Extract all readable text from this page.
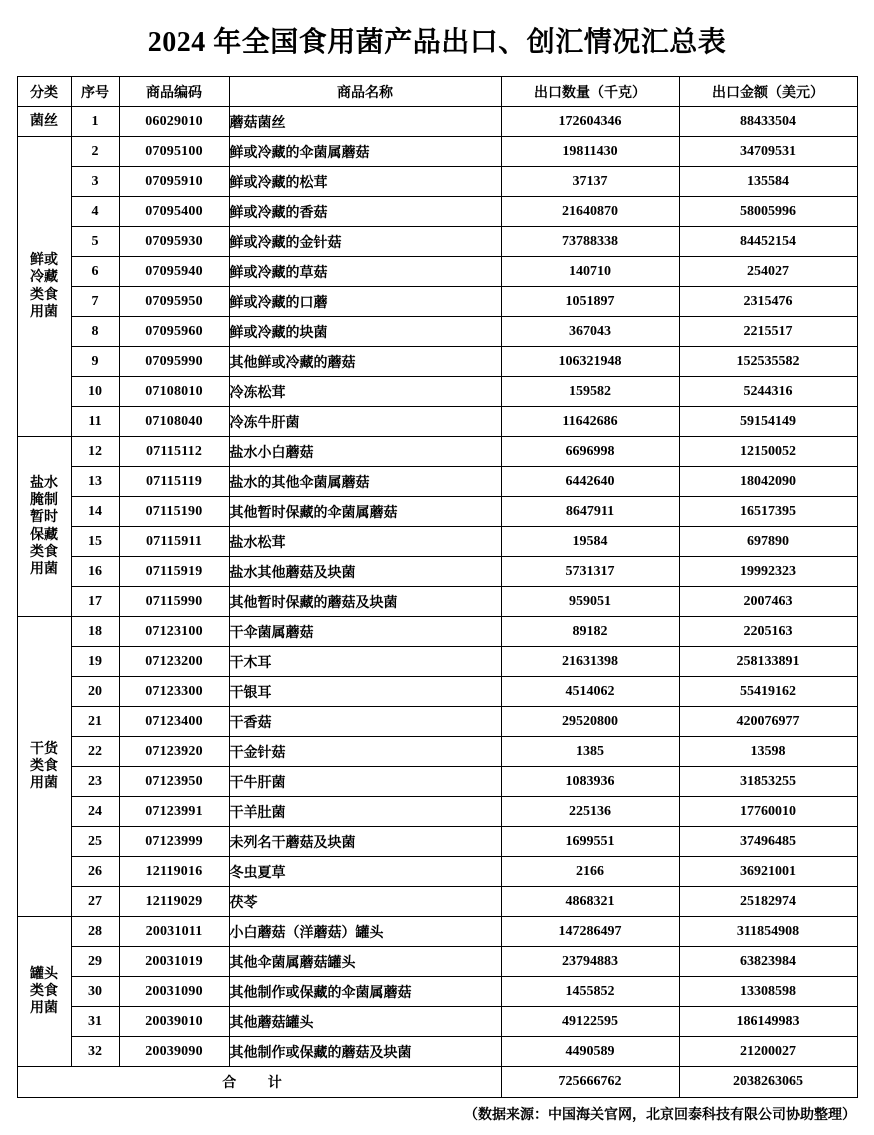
2024 年全国食用菌产品出口、创汇情况汇总表
分类	序号	商品编码	商品名称	出口数量（千克）	出口金额（美元）
菌丝	1	06029010	蘑菇菌丝	172604346	88433504
鲜或
冷藏
类食
用菌	2	07095100	鲜或冷藏的伞菌属蘑菇	19811430	34709531
	3	07095910	鲜或冷藏的松茸	37137	135584
	4	07095400	鲜或冷藏的香菇	21640870	58005996
	5	07095930	鲜或冷藏的金针菇	73788338	84452154
	6	07095940	鲜或冷藏的草菇	140710	254027
	7	07095950	鲜或冷藏的口蘑	1051897	2315476
	8	07095960	鲜或冷藏的块菌	367043	2215517
	9	07095990	其他鲜或冷藏的蘑菇	106321948	152535582
	10	07108010	冷冻松茸	159582	5244316
	11	07108040	冷冻牛肝菌	11642686	59154149
盐水
腌制
暂时
保藏
类食
用菌	12	07115112	盐水小白蘑菇	6696998	12150052
	13	07115119	盐水的其他伞菌属蘑菇	6442640	18042090
	14	07115190	其他暂时保藏的伞菌属蘑菇	8647911	16517395
	15	07115911	盐水松茸	19584	697890
	16	07115919	盐水其他蘑菇及块菌	5731317	19992323
	17	07115990	其他暂时保藏的蘑菇及块菌	959051	2007463
干货
类食
用菌	18	07123100	干伞菌属蘑菇	89182	2205163
	19	07123200	干木耳	21631398	258133891
	20	07123300	干银耳	4514062	55419162
	21	07123400	干香菇	29520800	420076977
	22	07123920	干金针菇	1385	13598
	23	07123950	干牛肝菌	1083936	31853255
	24	07123991	干羊肚菌	225136	17760010
	25	07123999	未列名干蘑菇及块菌	1699551	37496485
	26	12119016	冬虫夏草	2166	36921001
	27	12119029	茯苓	4868321	25182974
罐头
类食
用菌	28	20031011	小白蘑菇（洋蘑菇）罐头	147286497	311854908
	29	20031019	其他伞菌属蘑菇罐头	23794883	63823984
	30	20031090	其他制作或保藏的伞菌属蘑菇	1455852	13308598
	31	20039010	其他蘑菇罐头	49122595	186149983
	32	20039090	其他制作或保藏的蘑菇及块菌	4490589	21200027
合 计				725666762	2038263065
（数据来源：中国海关官网，北京回泰科技有限公司协助整理）
